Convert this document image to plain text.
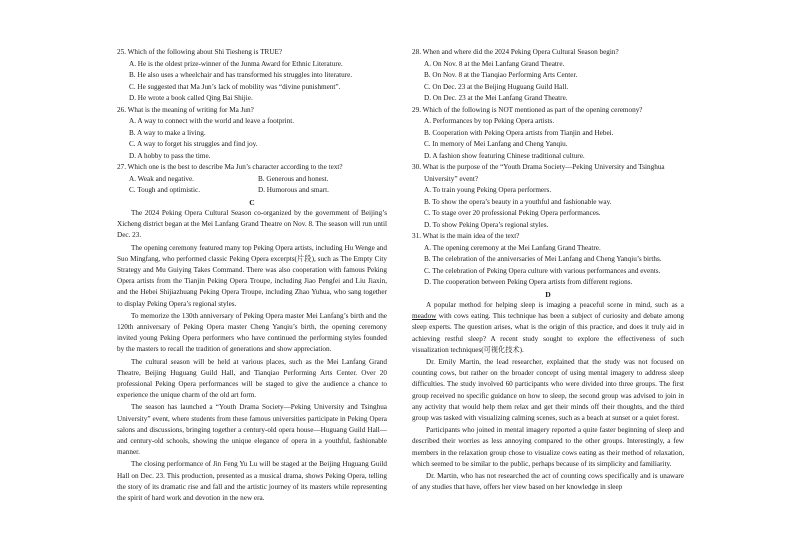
25. Which of the following about Shi Tiesheng is TRUE?
A. He is the oldest prize-winner of the Junma Award for Ethnic Literature.
B. He also uses a wheelchair and has transformed his struggles into literature.
C. He suggested that Ma Jun’s lack of mobility was “divine punishment”.
D. He wrote a book called Qing Bai Shijie.
26. What is the meaning of writing for Ma Jun?
A. A way to connect with the world and leave a footprint.
B. A way to make a living.
C. A way to forget his struggles and find joy.
D. A hobby to pass the time.
27. Which one is the best to describe Ma Jun’s character according to the text?
A. Weak and negative.	B. Generous and honest.
C. Tough and optimistic.	D. Humorous and smart.
C

The 2024 Peking Opera Cultural Season co-organized by the government of Beijing’s Xicheng district began at the Mei Lanfang Grand Theatre on Nov. 8. The season will run until Dec. 23.

The opening ceremony featured many top Peking Opera artists, including Hu Wenge and Suo Mingfang, who performed classic Peking Opera excerpts(片段), such as The Empty City Strategy and Mu Guiying Takes Command. There was also cooperation with famous Peking Opera artists from the Tianjin Peking Opera Troupe, including Jiao Pengfei and Liu Jiaxin, and the Hebei Shijiazhuang Peking Opera Troupe, including Zhao Yuhua, who sang together to display Peking Opera’s regional styles.

To memorize the 130th anniversary of Peking Opera master Mei Lanfang’s birth and the 120th anniversary of Peking Opera master Cheng Yanqiu’s birth, the opening ceremony invited young Peking Opera performers who have continued the performing styles founded by the masters to recall the tradition of generations and show appreciation.

The cultural season will be held at various places, such as the Mei Lanfang Grand Theatre, Beijing Huguang Guild Hall, and Tianqiao Performing Arts Center. Over 20 professional Peking Opera performances will be staged to give the audience a chance to experience the unique charm of the old art form.

The season has launched a “Youth Drama Society—Peking University and Tsinghua University” event, where students from these famous universities participate in Peking Opera salons and discussions, bringing together a century-old opera house—Huguang Guild Hall—and century-old schools, showing the unique elegance of opera in a youthful, fashionable manner.

The closing performance of Jin Feng Yu Lu will be staged at the Beijing Huguang Guild Hall on Dec. 23. This production, presented as a musical drama, shows Peking Opera, telling the story of its dramatic rise and fall and the artistic journey of its masters while representing the spirit of hard work and devotion in the new era.

28. When and where did the 2024 Peking Opera Cultural Season begin?
A. On Nov. 8 at the Mei Lanfang Grand Theatre.
B. On Nov. 8 at the Tianqiao Performing Arts Center.
C. On Dec. 23 at the Beijing Huguang Guild Hall.
D. On Dec. 23 at the Mei Lanfang Grand Theatre.
29. Which of the following is NOT mentioned as part of the opening ceremony?
A. Performances by top Peking Opera artists.
B. Cooperation with Peking Opera artists from Tianjin and Hebei.
C. In memory of Mei Lanfang and Cheng Yanqiu.
D. A fashion show featuring Chinese traditional culture.
30. What is the purpose of the “Youth Drama Society—Peking University and Tsinghua
University” event?
A. To train young Peking Opera performers.
B. To show the opera’s beauty in a youthful and fashionable way.
C. To stage over 20 professional Peking Opera performances.
D. To show Peking Opera’s regional styles.
31. What is the main idea of the text?
A. The opening ceremony at the Mei Lanfang Grand Theatre.
B. The celebration of the anniversaries of Mei Lanfang and Cheng Yanqiu’s births.
C. The celebration of Peking Opera culture with various performances and events.
D. The cooperation between Peking Opera artists from different regions.
D

A popular method for helping sleep is imaging a peaceful scene in mind, such as a meadow with cows eating. This technique has been a subject of curiosity and debate among sleep experts. The question arises, what is the origin of this practice, and does it truly aid in achieving restful sleep? A recent study sought to explore the effectiveness of such visualization techniques(可视化技术).

Dr. Emily Martin, the lead researcher, explained that the study was not focused on counting cows, but rather on the broader concept of using mental imagery to address sleep difficulties. The study involved 60 participants who were divided into three groups. The first group received no specific guidance on how to sleep, the second group was advised to join in any activity that would help them relax and get their minds off their thoughts, and the third group was tasked with visualizing calming scenes, such as a beach at sunset or a quiet forest.

Participants who joined in mental imagery reported a quite faster beginning of sleep and described their worries as less annoying compared to the other groups. Interestingly, a few members in the relaxation group chose to visualize cows eating as their method of relaxation, which seemed to be similar to the public, perhaps because of its simplicity and familiarity.

Dr. Martin, who has not researched the act of counting cows specifically and is unaware of any studies that have, offers her view based on her knowledge in sleep
